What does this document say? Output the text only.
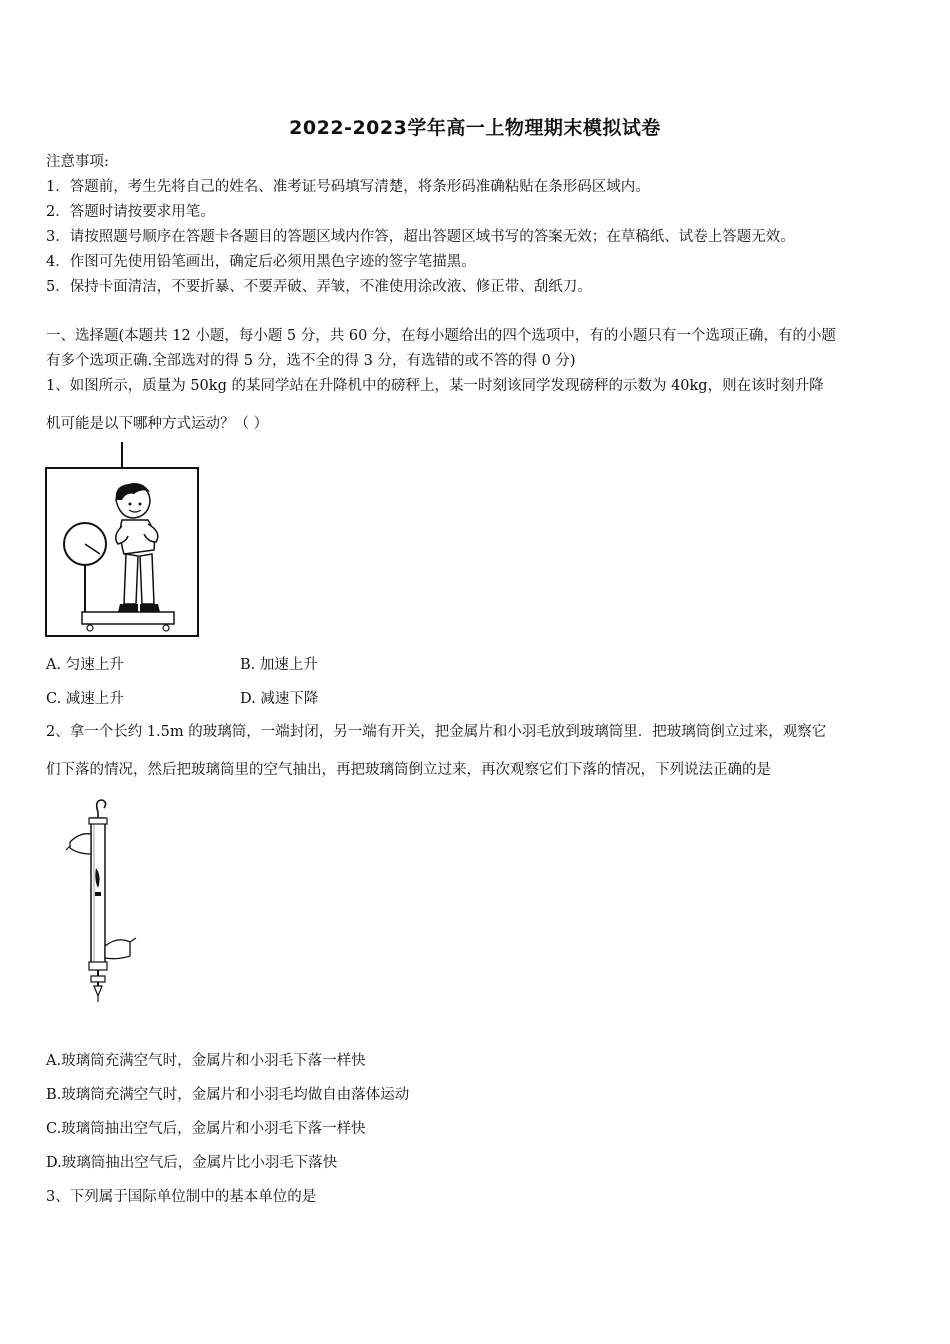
2022-2023学年高一上物理期末模拟试卷
注意事项:
1．答题前，考生先将自己的姓名、准考证号码填写清楚，将条形码准确粘贴在条形码区域内。
2．答题时请按要求用笔。
3．请按照题号顺序在答题卡各题目的答题区域内作答，超出答题区域书写的答案无效；在草稿纸、试卷上答题无效。
4．作图可先使用铅笔画出，确定后必须用黑色字迹的签字笔描黑。
5．保持卡面清洁，不要折暴、不要弄破、弄皱，不准使用涂改液、修正带、刮纸刀。
一、选择题(本题共 12 小题，每小题 5 分，共 60 分，在每小题给出的四个选项中，有的小题只有一个选项正确，有的小题
有多个选项正确.全部选对的得 5 分，选不全的得 3 分，有选错的或不答的得 0 分)
1、如图所示，质量为 50kg 的某同学站在升降机中的磅秤上，某一时刻该同学发现磅秤的示数为 40kg，则在该时刻升降
机可能是以下哪种方式运动？（ ）
A. 匀速上升	B. 加速上升
C. 减速上升	D. 减速下降
2、拿一个长约 1.5m 的玻璃筒，一端封闭，另一端有开关，把金属片和小羽毛放到玻璃筒里．把玻璃筒倒立过来，观察它
们下落的情况，然后把玻璃筒里的空气抽出，再把玻璃筒倒立过来，再次观察它们下落的情况，下列说法正确的是
A.玻璃筒充满空气时，金属片和小羽毛下落一样快
B.玻璃筒充满空气时，金属片和小羽毛均做自由落体运动
C.玻璃筒抽出空气后，金属片和小羽毛下落一样快
D.玻璃筒抽出空气后，金属片比小羽毛下落快
3、下列属于国际单位制中的基本单位的是
